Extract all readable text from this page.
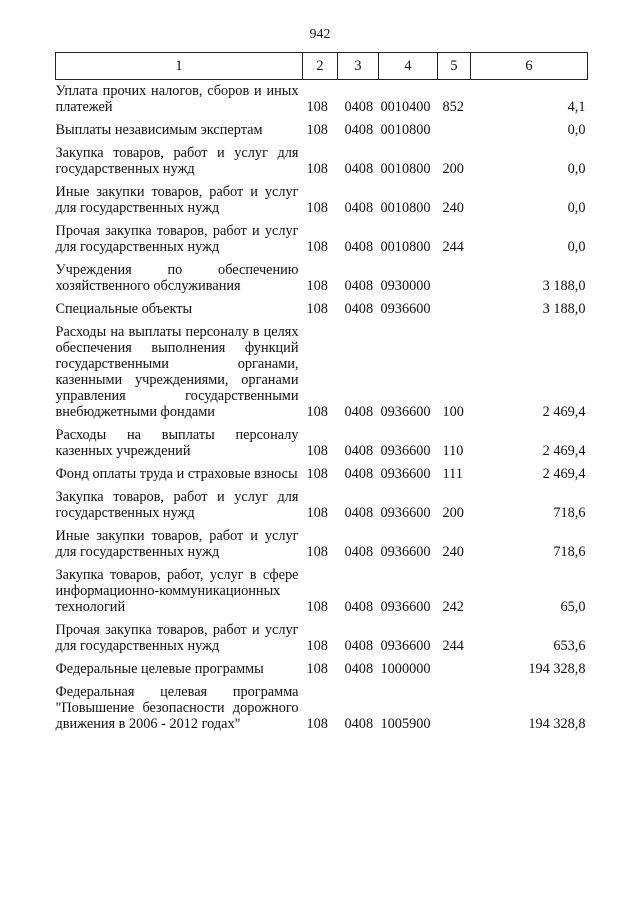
942
1	2	3	4	5	6
Уплата прочих налогов, сборов и иных платежей	108	0408	0010400	852	4,1
Выплаты независимым экспертам	108	0408	0010800		0,0
Закупка товаров, работ и услуг для государственных нужд	108	0408	0010800	200	0,0
Иные закупки товаров, работ и услуг для государственных нужд	108	0408	0010800	240	0,0
Прочая закупка товаров, работ и услуг для государственных нужд	108	0408	0010800	244	0,0
Учреждения по обеспечению хозяйственного обслуживания	108	0408	0930000		3 188,0
Специальные объекты	108	0408	0936600		3 188,0
Расходы на выплаты персоналу в целях обеспечения выполнения функций государственными органами, казенными учреждениями, органами управления государственными внебюджетными фондами	108	0408	0936600	100	2 469,4
Расходы на выплаты персоналу казенных учреждений	108	0408	0936600	110	2 469,4
Фонд оплаты труда и страховые взносы	108	0408	0936600	111	2 469,4
Закупка товаров, работ и услуг для государственных нужд	108	0408	0936600	200	718,6
Иные закупки товаров, работ и услуг для государственных нужд	108	0408	0936600	240	718,6
Закупка товаров, работ, услуг в сфере информационно-коммуникационных технологий	108	0408	0936600	242	65,0
Прочая закупка товаров, работ и услуг для государственных нужд	108	0408	0936600	244	653,6
Федеральные целевые программы	108	0408	1000000		194 328,8
Федеральная целевая программа "Повышение безопасности дорожного движения в 2006 - 2012 годах"	108	0408	1005900		194 328,8
